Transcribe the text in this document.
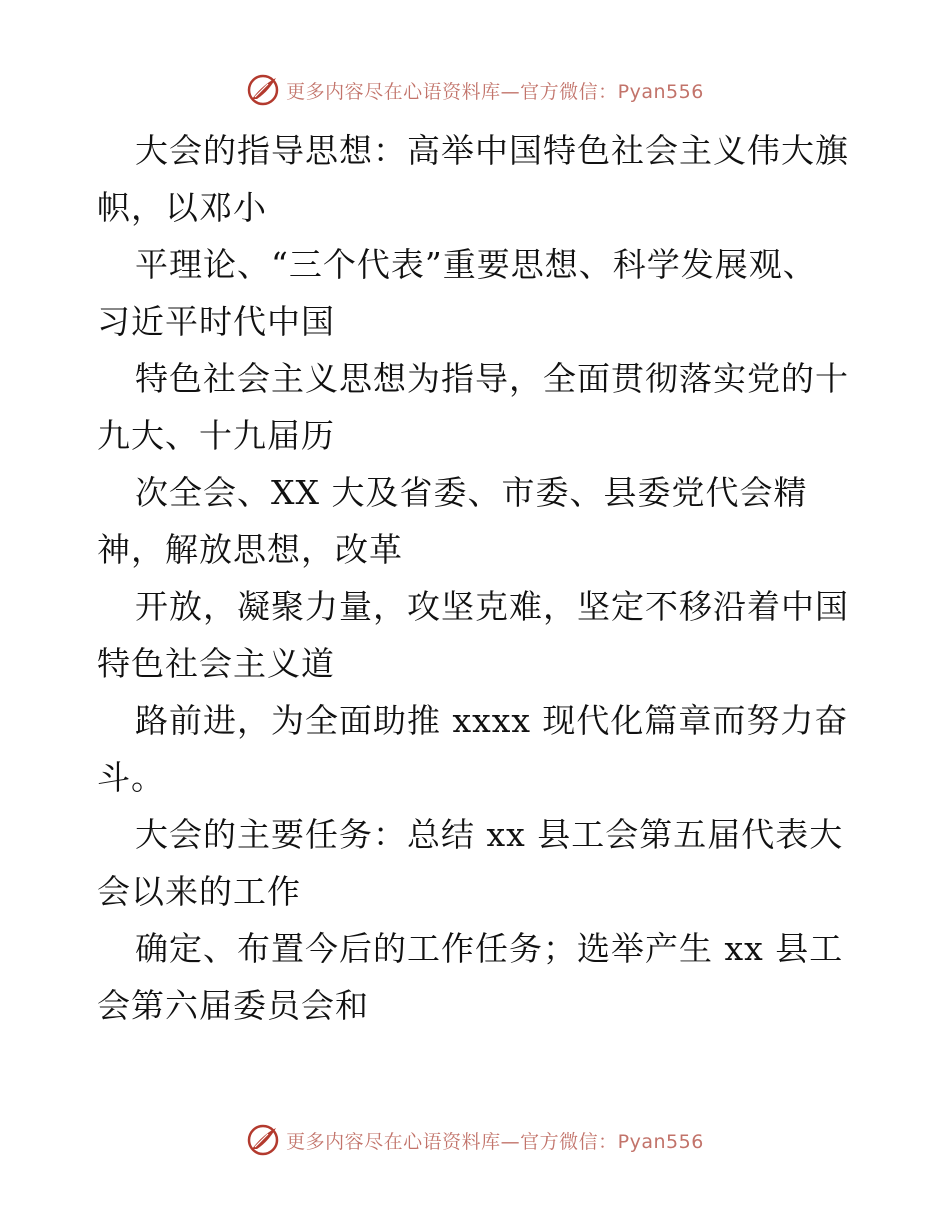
更多内容尽在心语资料库—官方微信：Pyan556

大会的指导思想：高举中国特色社会主义伟大旗
帜，以邓小

平理论、“三个代表”重要思想、科学发展观、
习近平时代中国

特色社会主义思想为指导，全面贯彻落实党的十
九大、十九届历

次全会、XX 大及省委、市委、县委党代会精
神，解放思想，改革

开放，凝聚力量，攻坚克难，坚定不移沿着中国
特色社会主义道

路前进，为全面助推 xxxx 现代化篇章而努力奋
斗。

大会的主要任务：总结 xx 县工会第五届代表大
会以来的工作

确定、布置今后的工作任务；选举产生 xx 县工
会第六届委员会和

更多内容尽在心语资料库—官方微信：Pyan556
